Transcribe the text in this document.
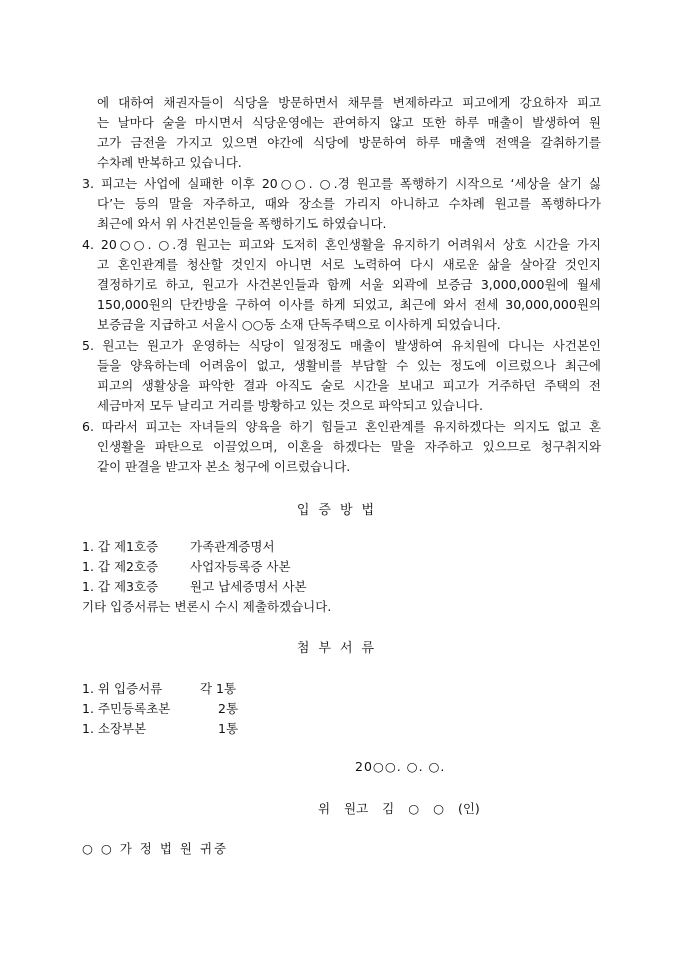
에 대하여 채권자들이 식당을 방문하면서 채무를 변제하라고 피고에게 강요하자 피고
는 날마다 술을 마시면서 식당운영에는 관여하지 않고 또한 하루 매출이 발생하여 원
고가 금전을 가지고 있으면 야간에 식당에 방문하여 하루 매출액 전액을 갈취하기를
수차례 반복하고 있습니다.
3. 피고는 사업에 실패한 이후 20○○. ○.경 원고를 폭행하기 시작으로 ‘세상을 살기 싫
다’는 등의 말을 자주하고, 때와 장소를 가리지 아니하고 수차례 원고를 폭행하다가
최근에 와서 위 사건본인들을 폭행하기도 하였습니다.
4. 20○○. ○.경 원고는 피고와 도저히 혼인생활을 유지하기 어려워서 상호 시간을 가지
고 혼인관계를 청산할 것인지 아니면 서로 노력하여 다시 새로운 삶을 살아갈 것인지
결정하기로 하고, 원고가 사건본인들과 함께 서울 외곽에 보증금 3,000,000원에 월세
150,000원의 단칸방을 구하여 이사를 하게 되었고, 최근에 와서 전세 30,000,000원의
보증금을 지급하고 서울시 ○○동 소재 단독주택으로 이사하게 되었습니다.
5. 원고는 원고가 운영하는 식당이 일정정도 매출이 발생하여 유치원에 다니는 사건본인
들을 양육하는데 어려움이 없고, 생활비를 부담할 수 있는 정도에 이르렀으나 최근에
피고의 생활상을 파악한 결과 아직도 술로 시간을 보내고 피고가 거주하던 주택의 전
세금마저 모두 날리고 거리를 방황하고 있는 것으로 파악되고 있습니다.
6. 따라서 피고는 자녀들의 양육을 하기 힘들고 혼인관계를 유지하겠다는 의지도 없고 혼
인생활을 파탄으로 이끌었으며, 이혼을 하겠다는 말을 자주하고 있으므로 청구취지와
같이 판결을 받고자 본소 청구에 이르렀습니다.
입증방법
1. 갑 제1호증	가족관계증명서
1. 갑 제2호증	사업자등록증 사본
1. 갑 제3호증	원고 납세증명서 사본
기타 입증서류는 변론시 수시 제출하겠습니다.
첨부서류
1. 위 입증서류	각 1통
1. 주민등록초본	2통
1. 소장부본	1통
20○○. ○. ○.
위 원고 김 ○ ○ (인)
○ ○ 가 정 법 원 귀중
